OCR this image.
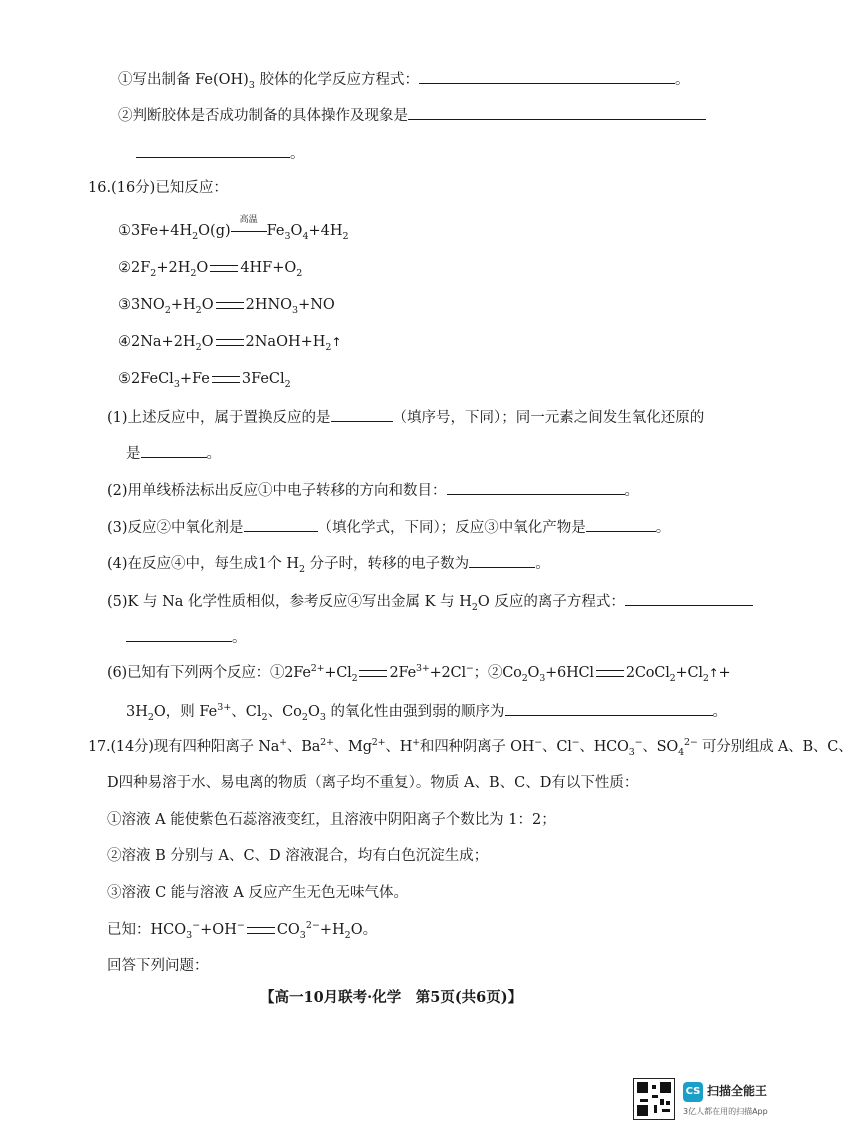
①写出制备 $Fe(OH)_3$ 胶体的化学反应方程式：	。
②判断胶体是否成功制备的具体操作及现象是
。
16.(16分)已知反应：
$①3Fe+4H_2O(g)$
高温
$Fe_3O_4+4H_2$
$②2F_2+2H_2O$ $4HF+O_2$
$③3NO_2+H_2O$ $2HNO_3+NO$
$④2Na+2H_2O$ $2NaOH+H_2↑$
⑤2FeCl$_3$+Fe 3FeCl$_2$
(1)上述反应中，属于置换反应的是	（填序号，下同）；同一元素之间发生氧化还原的
是	。
(2)用单线桥法标出反应①中电子转移的方向和数目：	。
(3)反应②中氧化剂是	（填化学式，下同）；反应③中氧化产物是	。
(4)在反应④中，每生成1个 $H_2$ 分子时，转移的电子数为	。
(5)K 与 Na 化学性质相似，参考反应④写出金属 K 与 $H_2O$ 反应的离子方程式：
。
(6)已知有下列两个反应：$①2Fe^{2+}+Cl_2$ $2Fe^{3+}+2Cl^-$；$②Co_2O_3+6HCl$ $2CoCl_2+Cl_2↑+$
$3H_2O$，则 $Fe^{3+}$、$Cl_2$、$Co_2O_3$ 的氧化性由强到弱的顺序为	。
17.(14分)现有四种阳离子 Na+、$Ba^{2+}$、$Mg^{2+}$、H+和四种阴离子 OH−、Cl−、$HCO_3^-$、$SO_4^{2-}$ 可分别组成 A、B、C、
D四种易溶于水、易电离的物质（离子均不重复）。物质 A、B、C、D有以下性质：
①溶液 A 能使紫色石蕊溶液变红，且溶液中阴阳离子个数比为 1：2；
②溶液 B 分别与 A、C、D 溶液混合，均有白色沉淀生成；
③溶液 C 能与溶液 A 反应产生无色无味气体。
已知：$HCO_3^-+OH^-$ $CO_3^{2-}+H_2O$。
回答下列问题：
【高一10月联考·化学　第5页(共6页)】
CS 扫描全能王
3亿人都在用的扫描App
